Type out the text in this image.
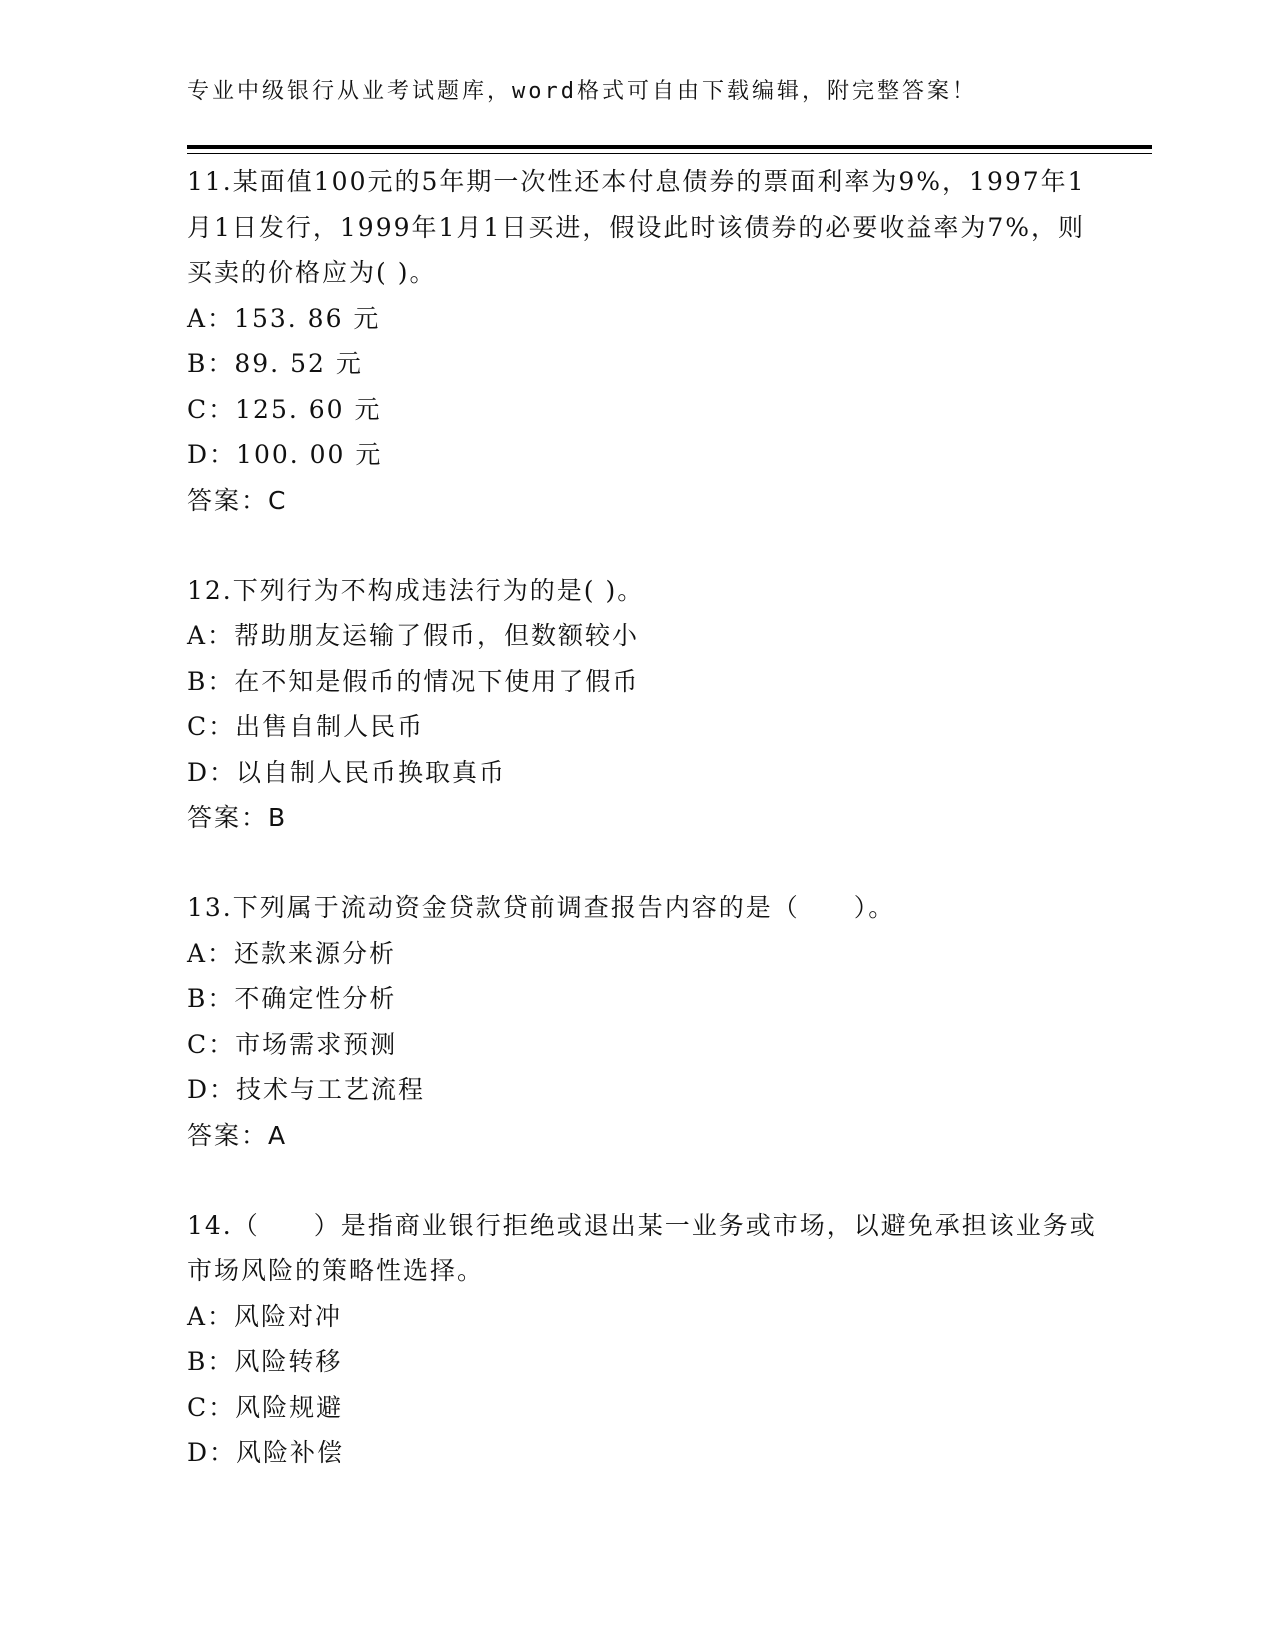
专业中级银行从业考试题库，word格式可自由下载编辑，附完整答案！
11.某面值100元的5年期一次性还本付息债券的票面利率为9%，1997年1月1日发行，1999年1月1日买进，假设此时该债券的必要收益率为7%，则买卖的价格应为( )。
A：153. 86 元
B：89. 52 元
C：125. 60 元
D：100. 00 元
答案：C
12.下列行为不构成违法行为的是( )。
A：帮助朋友运输了假币，但数额较小
B：在不知是假币的情况下使用了假币
C：出售自制人民币
D：以自制人民币换取真币
答案：B
13.下列属于流动资金贷款贷前调查报告内容的是（　　）。
A：还款来源分析
B：不确定性分析
C：市场需求预测
D：技术与工艺流程
答案：A
14.（　　）是指商业银行拒绝或退出某一业务或市场，以避免承担该业务或市场风险的策略性选择。
A：风险对冲
B：风险转移
C：风险规避
D：风险补偿
